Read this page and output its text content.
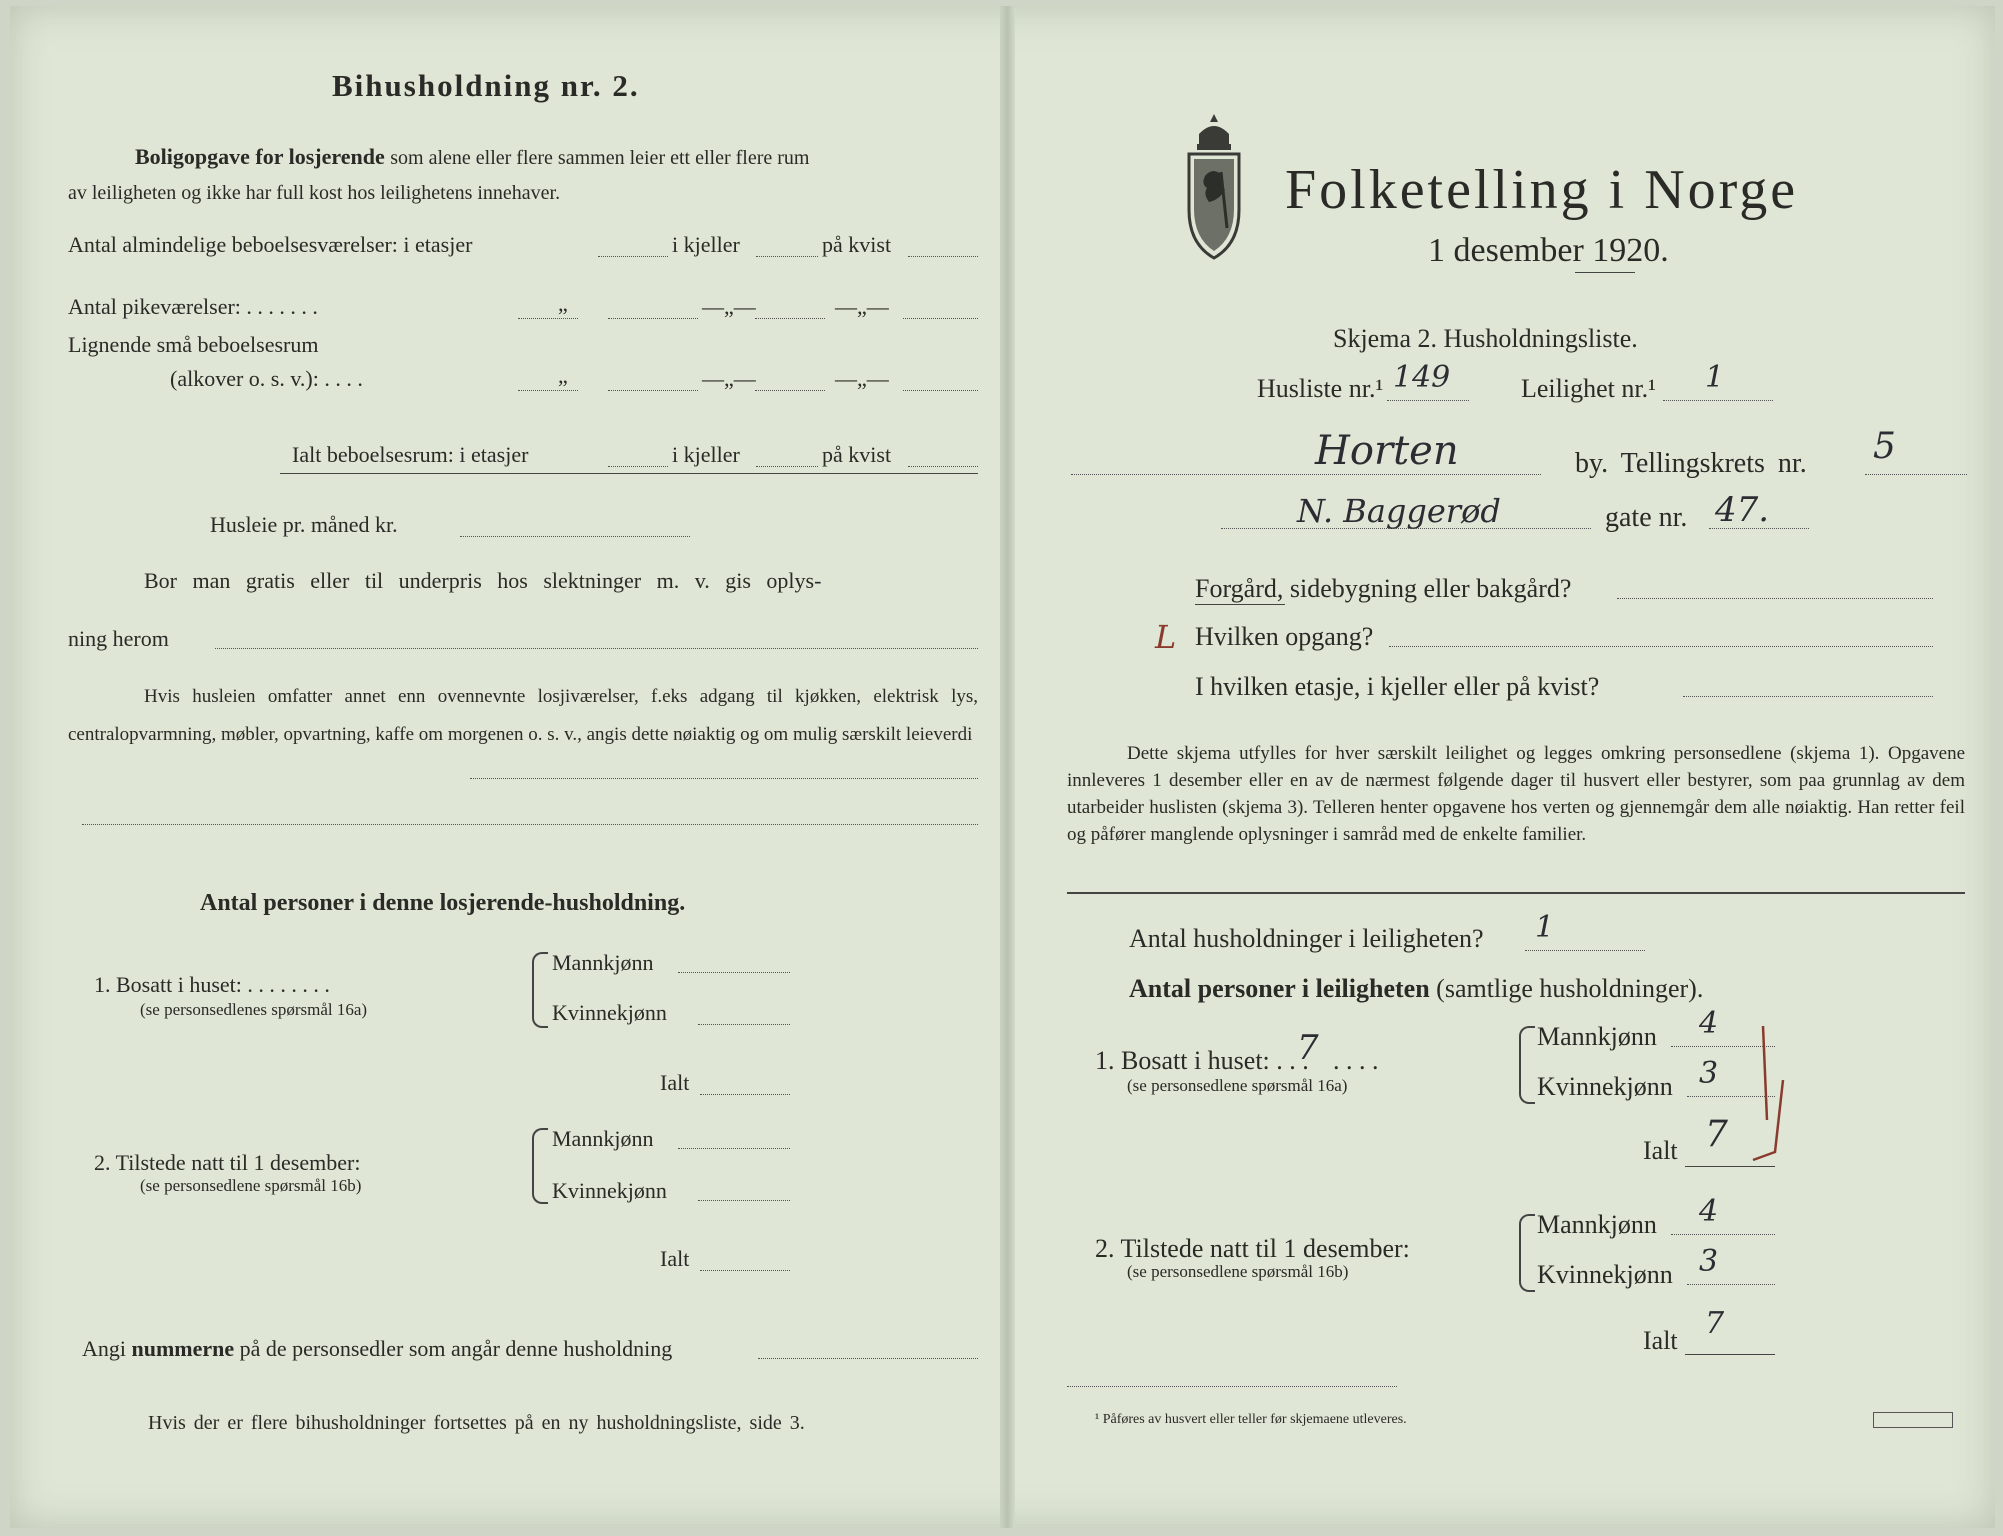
Bihusholdning nr. 2.
Boligopgave for losjerende som alene eller flere sammen leier ett eller flere rum
av leiligheten og ikke har full kost hos leilighetens innehaver.
Antal almindelige beboelsesværelser: i etasjer	i kjeller	på kvist
Antal pikeværelser: . . . . . . .	„	—„—	—„—
Lignende små beboelsesrum
(alkover o. s. v.): . . . .	„	—„—	—„—
Ialt beboelsesrum: i etasjer	i kjeller	på kvist
Husleie pr. måned kr.
Bor man gratis eller til underpris hos slektninger m. v. gis oplys-
ning herom
Hvis husleien omfatter annet enn ovennevnte losjiværelser, f.eks adgang til kjøkken, elektrisk lys, centralopvarmning, møbler, opvartning, kaffe om morgenen o. s. v., angis dette nøiaktig og om mulig særskilt leieverdi
Antal personer i denne losjerende-husholdning.
1. Bosatt i huset: . . . . . . . .
(se personsedlenes spørsmål 16a)
Mannkjønn
Kvinnekjønn
Ialt
2. Tilstede natt til 1 desember:
(se personsedlene spørsmål 16b)
Mannkjønn
Kvinnekjønn
Ialt
Angi nummerne på de personsedler som angår denne husholdning
Hvis der er flere bihusholdninger fortsettes på en ny husholdningsliste, side 3.
Folketelling i Norge
1 desember 1920.
Skjema 2. Husholdningsliste.
Husliste nr.¹ 149	Leilighet nr.¹ 1
Horten	by. Tellingskrets nr. 5
N. Baggerød	gate nr. 47.
Forgård, sidebygning eller bakgård?
L Hvilken opgang?
I hvilken etasje, i kjeller eller på kvist?
Dette skjema utfylles for hver særskilt leilighet og legges omkring personsedlene (skjema 1). Opgavene innleveres 1 desember eller en av de nærmest følgende dager til husvert eller bestyrer, som paa grunnlag av dem utarbeider huslisten (skjema 3). Telleren henter opgavene hos verten og gjennemgår dem alle nøiaktig. Han retter feil og påfører manglende oplysninger i samråd med de enkelte familier.
Antal husholdninger i leiligheten? 1
Antal personer i leiligheten (samtlige husholdninger).
1. Bosatt i huset: . . .
7 . . . .
(se personsedlene spørsmål 16a)
Mannkjønn 4
Kvinnekjønn 3
Ialt 7
2. Tilstede natt til 1 desember:
(se personsedlene spørsmål 16b)
Mannkjønn 4
Kvinnekjønn 3
Ialt 7
¹ Påføres av husvert eller teller før skjemaene utleveres.
